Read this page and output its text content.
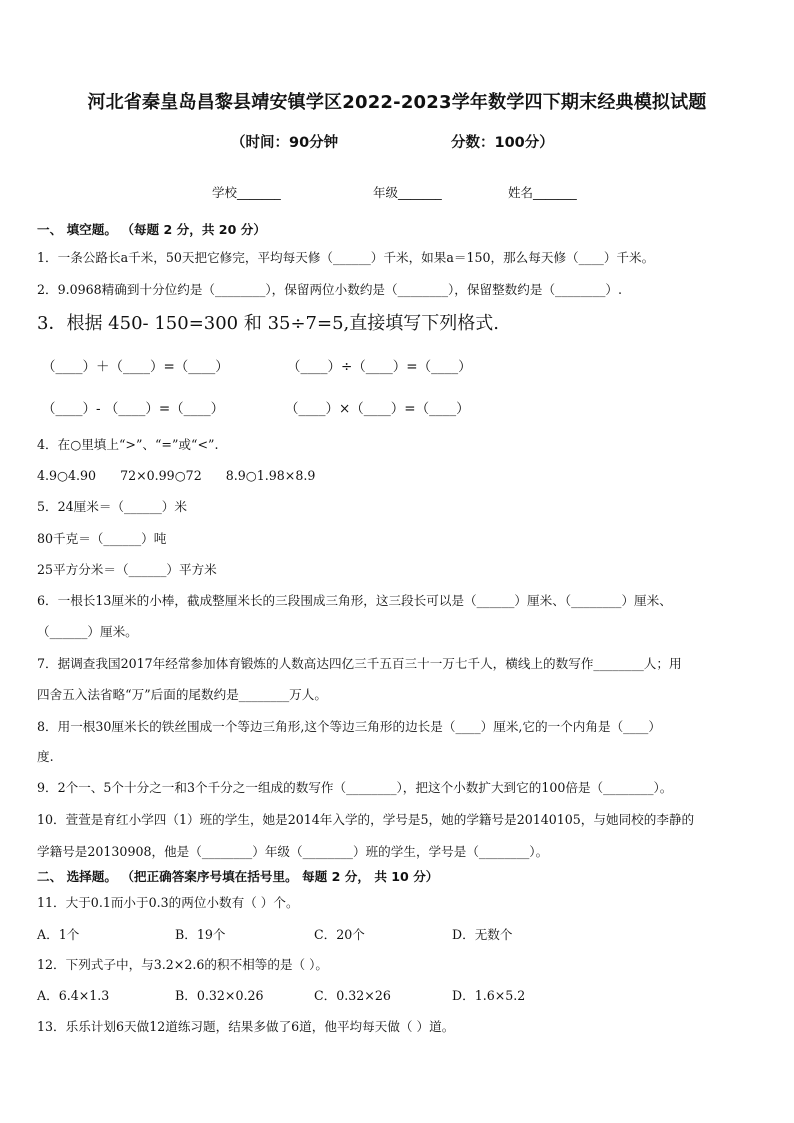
河北省秦皇岛昌黎县靖安镇学区2022-2023学年数学四下期末经典模拟试题
（时间：90分钟	分数：100分）
学校_______	年级_______	姓名_______
一、 填空题。 （每题 2 分，共 20 分）
1．一条公路长a千米，50天把它修完，平均每天修（______）千米，如果a＝150，那么每天修（____）千米。
2．9.0968精确到十分位约是（________），保留两位小数约是（________），保留整数约是（________）.
3．根据 450- 150=300 和 35÷7=5,直接填写下列格式.
（____）＋（____）=（____）	（____）÷（____）=（____）
（____）- （____）=（____）	（____）×（____）=（____）
4．在○里填上“>”、“=”或“<”.
4.9○4.90      72×0.99○72      8.9○1.98×8.9
5．24厘米＝（______）米
80千克＝（______）吨
25平方分米＝（______）平方米
6．一根长13厘米的小棒，截成整厘米长的三段围成三角形，这三段长可以是（______）厘米、（________）厘米、
（______）厘米。
7．据调查我国2017年经常参加体育锻炼的人数高达四亿三千五百三十一万七千人，横线上的数写作________人；用
四舍五入法省略“万”后面的尾数约是________万人。
8．用一根30厘米长的铁丝围成一个等边三角形,这个等边三角形的边长是（____）厘米,它的一个内角是（____）
度.
9．2个一、5个十分之一和3个千分之一组成的数写作（________），把这个小数扩大到它的100倍是（________）。
10．萱萱是育红小学四（1）班的学生，她是2014年入学的，学号是5，她的学籍号是20140105，与她同校的李静的
学籍号是20130908，他是（________）年级（________）班的学生，学号是（________）。
二、 选择题。 （把正确答案序号填在括号里。 每题 2 分， 共 10 分）
11．大于0.1而小于0.3的两位小数有（ ）个。
A．1个	B．19个	C．20个	D．无数个
12．下列式子中，与3.2×2.6的积不相等的是（ ）。
A．6.4×1.3	B．0.32×0.26	C．0.32×26	D．1.6×5.2
13．乐乐计划6天做12道练习题，结果多做了6道，他平均每天做（ ）道。
